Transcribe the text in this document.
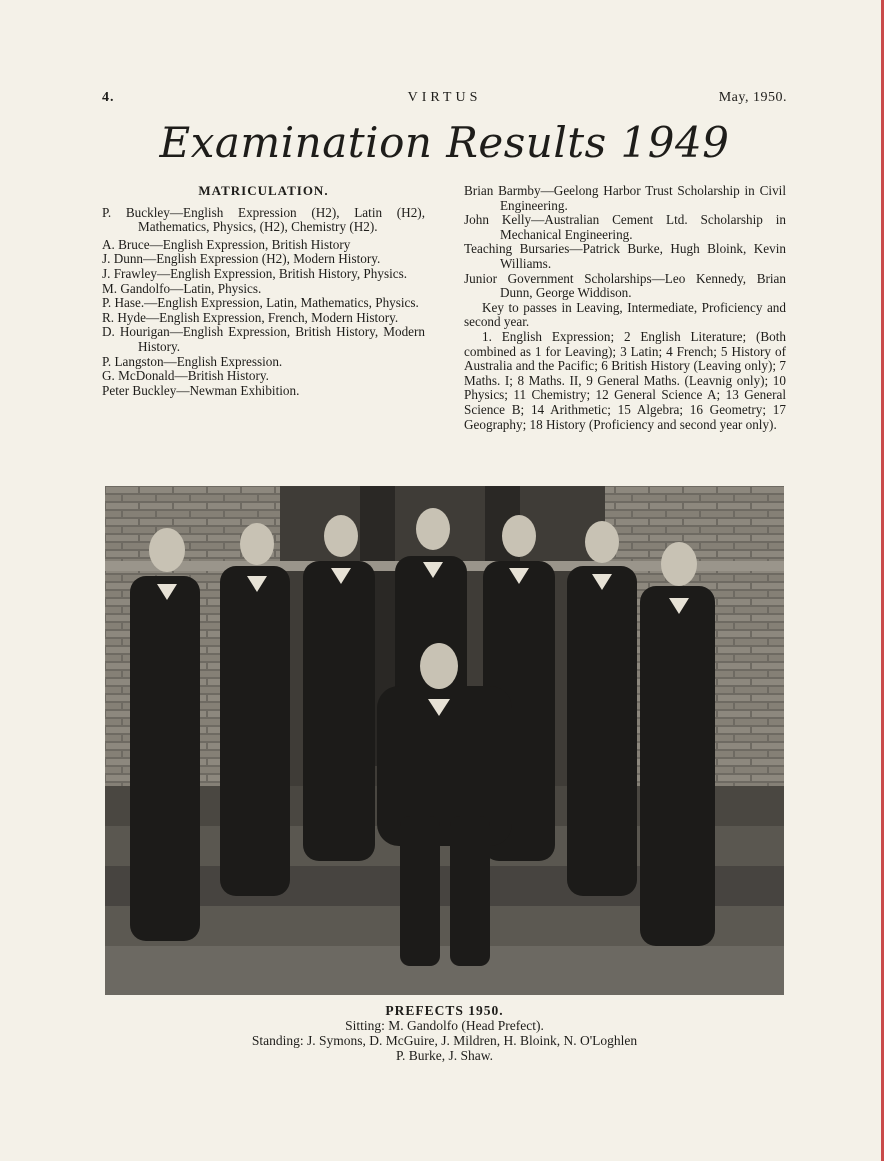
4.	VIRTUS	May, 1950.
Examination Results 1949
MATRICULATION.
P. Buckley—English Expression (H2), Latin (H2), Mathematics, Physics, (H2), Chemistry (H2).
A. Bruce—English Expression, British History
J. Dunn—English Expression (H2), Modern History.
J. Frawley—English Expression, British History, Physics.
M. Gandolfo—Latin, Physics.
P. Hase.—English Expression, Latin, Mathematics, Physics.
R. Hyde—English Expression, French, Modern History.
D. Hourigan—English Expression, British History, Modern History.
P. Langston—English Expression.
G. McDonald—British History.
Peter Buckley—Newman Exhibition.
Brian Barmby—Geelong Harbor Trust Scholarship in Civil Engineering.
John Kelly—Australian Cement Ltd. Scholarship in Mechanical Engineering.
Teaching Bursaries—Patrick Burke, Hugh Bloink, Kevin Williams.
Junior Government Scholarships—Leo Kennedy, Brian Dunn, George Widdison.
Key to passes in Leaving, Intermediate, Proficiency and second year.
1. English Expression; 2 English Literature; (Both combined as 1 for Leaving); 3 Latin; 4 French; 5 History of Australia and the Pacific; 6 British History (Leaving only); 7 Maths. I; 8 Maths. II, 9 General Maths. (Leavnig only); 10 Physics; 11 Chemistry; 12 General Science A; 13 General Science B; 14 Arithmetic; 15 Algebra; 16 Geometry; 17 Geography; 18 History (Proficiency and second year only).
PREFECTS 1950.
Sitting: M. Gandolfo (Head Prefect).
Standing: J. Symons, D. McGuire, J. Mildren, H. Bloink, N. O'Loghlen
P. Burke, J. Shaw.
